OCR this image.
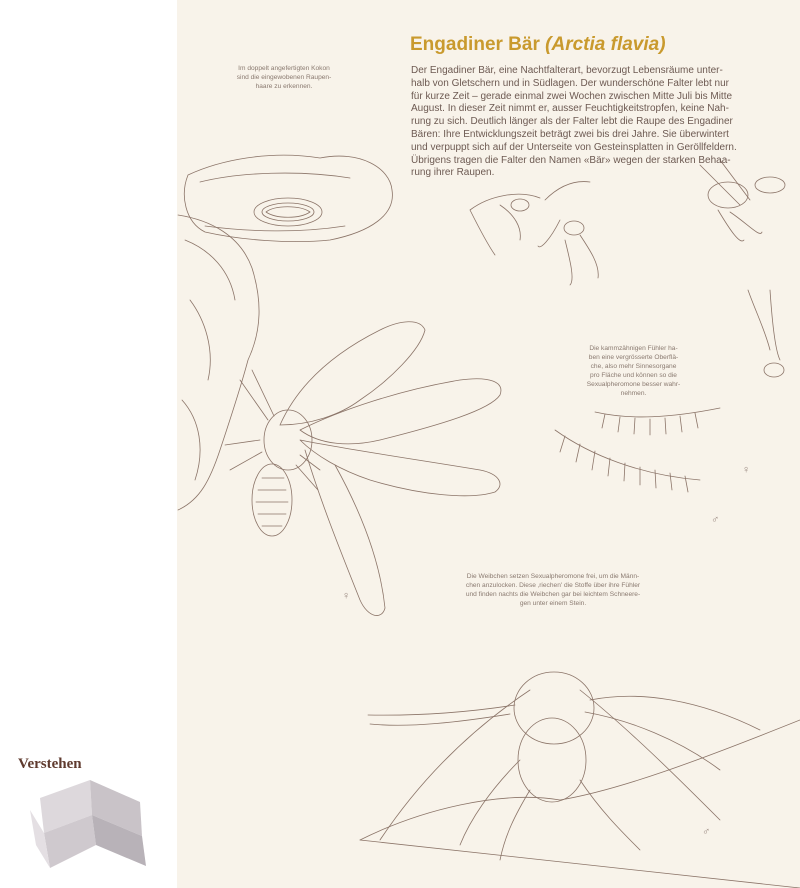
Engadiner Bär (Arctia flavia)

Der Engadiner Bär, eine Nachtfalterart, bevorzugt Lebensräume unter-
halb von Gletschern und in Südlagen. Der wunderschöne Falter lebt nur
für kurze Zeit – gerade einmal zwei Wochen zwischen Mitte Juli bis Mitte
August. In dieser Zeit nimmt er, ausser Feuchtigkeitstropfen, keine Nah-
rung zu sich. Deutlich länger als der Falter lebt die Raupe des Engadiner
Bären: Ihre Entwicklungszeit beträgt zwei bis drei Jahre. Sie überwintert
und verpuppt sich auf der Unterseite von Gesteinsplatten in Geröllfeldern.
Übrigens tragen die Falter den Namen «Bär» wegen der starken Behaa-
rung ihrer Raupen.

Im doppelt angefertigten Kokon
sind die eingewobenen Raupen-
haare zu erkennen.

Die kammzähnigen Fühler ha-
ben eine vergrösserte Oberflä-
che, also mehr Sinnesorgane
pro Fläche und können so die
Sexualpheromone besser wahr-
nehmen.

Die Weibchen setzen Sexualpheromone frei, um die Männ-
chen anzulocken. Diese ‚riechen' die Stoffe über ihre Fühler
und finden nachts die Weibchen gar bei leichtem Schneere-
gen unter einem Stein.

♀
♀
♂
♂

Verstehen
